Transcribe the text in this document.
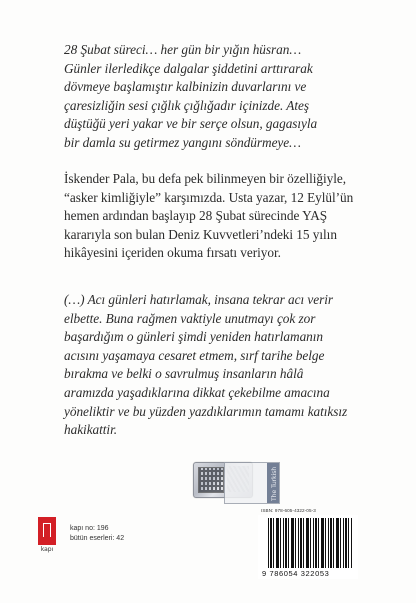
28 Şubat süreci… her gün bir yığın hüsran…
Günler ilerledikçe dalgalar şiddetini arttırarak
dövmeye başlamıştır kalbinizin duvarlarını ve
çaresizliğin sesi çığlık çığlığadır içinizde. Ateş
düştüğü yeri yakar ve bir serçe olsun, gagasıyla
bir damla su getirmez yangını söndürmeye…
İskender Pala, bu defa pek bilinmeyen bir özelliğiyle,
“asker kimliğiyle” karşımızda. Usta yazar, 12 Eylül’ün
hemen ardından başlayıp 28 Şubat sürecinde YAŞ
kararıyla son bulan Deniz Kuvvetleri’ndeki 15 yılın
hikâyesini içeriden okuma fırsatı veriyor.
(…) Acı günleri hatırlamak, insana tekrar acı verir
elbette. Buna rağmen vaktiyle unutmayı çok zor
başardığım o günleri şimdi yeniden hatırlamanın
acısını yaşamaya cesaret etmem, sırf tarihe belge
bırakma ve belki o savrulmuş insanların hâlâ
aramızda yaşadıklarına dikkat çekebilme amacına
yöneliktir ve bu yüzden yazdıklarımın tamamı katıksız
hakikattir.
The Turkish
kapı
kapı no: 196
bütün eserleri: 42
ISBN: 978-605-4322-05-3
9 786054 322053
